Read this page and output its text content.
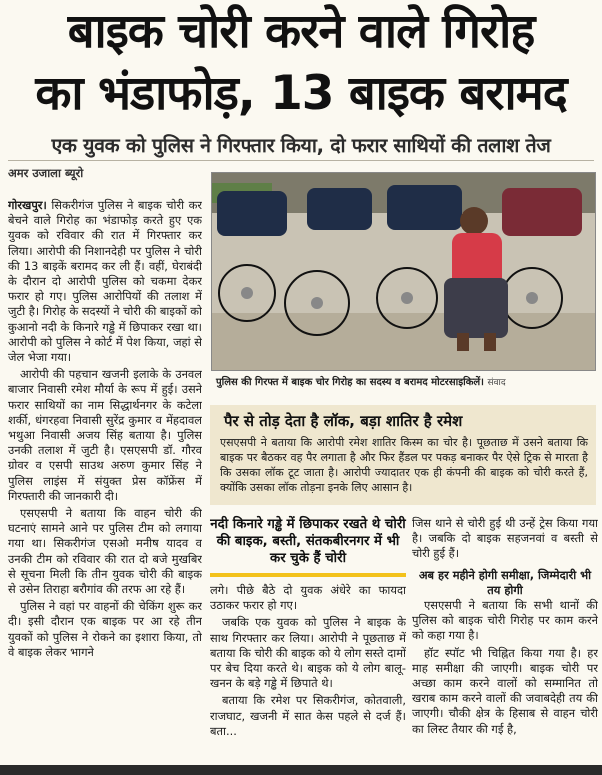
बाइक चोरी करने वाले गिरोह
का भंडाफोड़, 13 बाइक बरामद
एक युवक को पुलिस ने गिरफ्तार किया, दो फरार साथियों की तलाश तेज
अमर उजाला ब्यूरो

गोरखपुर। सिकरीगंज पुलिस ने बाइक चोरी कर बेचने वाले गिरोह का भंडाफोड़ करते हुए एक युवक को रविवार की रात में गिरफ्तार कर लिया। आरोपी की निशानदेही पर पुलिस ने चोरी की 13 बाइकें बरामद कर ली हैं। वहीं, घेराबंदी के दौरान दो आरोपी पुलिस को चकमा देकर फरार हो गए। पुलिस आरोपियों की तलाश में जुटी है। गिरोह के सदस्यों ने चोरी की बाइकों को कुआनो नदी के किनारे गड्ढे में छिपाकर रखा था। आरोपी को पुलिस ने कोर्ट में पेश किया, जहां से जेल भेजा गया।

आरोपी की पहचान खजनी इलाके के उनवल बाजार निवासी रमेश मौर्या के रूप में हुई। उसने फरार साथियों का नाम सिद्धार्थनगर के कटेला शर्की, धंगरहवा निवासी सुरेंद्र कुमार व मेंहदावल भथुआ निवासी अजय सिंह बताया है। पुलिस उनकी तलाश में जुटी है। एसएसपी डॉ. गौरव ग्रोवर व एसपी साउथ अरुण कुमार सिंह ने पुलिस लाइंस में संयुक्त प्रेस कॉफ्रेंस में गिरफ्तारी की जानकारी दी।

एसएसपी ने बताया कि वाहन चोरी की घटनाएं सामने आने पर पुलिस टीम को लगाया गया था। सिकरीगंज एसओ मनीष यादव व उनकी टीम को रविवार की रात दो बजे मुखबिर से सूचना मिली कि तीन युवक चोरी की बाइक से उसेन तिराहा बरौगांव की तरफ आ रहे हैं।

पुलिस ने वहां पर वाहनों की चेकिंग शुरू कर दी। इसी दौरान एक बाइक पर आ रहे तीन युवकों को पुलिस ने रोकने का इशारा किया, तो वे बाइक लेकर भागने

पुलिस की गिरफ्त में बाइक चोर गिरोह का सदस्य व बरामद मोटरसाइकिलें। संवाद
पैर से तोड़ देता है लॉक, बड़ा शातिर है रमेश
एसएसपी ने बताया कि आरोपी रमेश शातिर किस्म का चोर है। पूछताछ में उसने बताया कि बाइक पर बैठकर वह पैर लगाता है और फिर हैंडल पर पकड़ बनाकर पैर ऐसे ट्रिक से मारता है कि उसका लॉक टूट जाता है। आरोपी ज्यादातर एक ही कंपनी की बाइक को चोरी करते हैं, क्योंकि उसका लॉक तोड़ना इनके लिए आसान है।
नदी किनारे गड्ढे में छिपाकर रखते थे चोरी की बाइक, बस्ती, संतकबीरनगर में भी कर चुके हैं चोरी

लगे। पीछे बैठे दो युवक अंधेरे का फायदा उठाकर फरार हो गए।

जबकि एक युवक को पुलिस ने बाइक के साथ गिरफ्तार कर लिया। आरोपी ने पूछताछ में बताया कि चोरी की बाइक को ये लोग सस्ते दामों पर बेच दिया करते थे। बाइक को ये लोग बालू-खनन के बड़े गड्ढे में छिपाते थे।

बताया कि रमेश पर सिकरीगंज, कोतवाली, राजघाट, खजनी में सात केस पहले से दर्ज हैं। बता...

जिस थाने से चोरी हुई थी उन्हें ट्रेस किया गया है। जबकि दो बाइक सहजनवां व बस्ती से चोरी हुई हैं।

अब हर महीने होगी समीक्षा, जिम्मेदारी भी तय होगी

एसएसपी ने बताया कि सभी थानों की पुलिस को बाइक चोरी गिरोह पर काम करने को कहा गया है।

हॉट स्पॉट भी चिह्नित किया गया है। हर माह समीक्षा की जाएगी। बाइक चोरी पर अच्छा काम करने वालों को सम्मानित तो खराब काम करने वालों की जवाबदेही तय की जाएगी। चौकी क्षेत्र के हिसाब से वाहन चोरी का लिस्ट तैयार की गई है,
